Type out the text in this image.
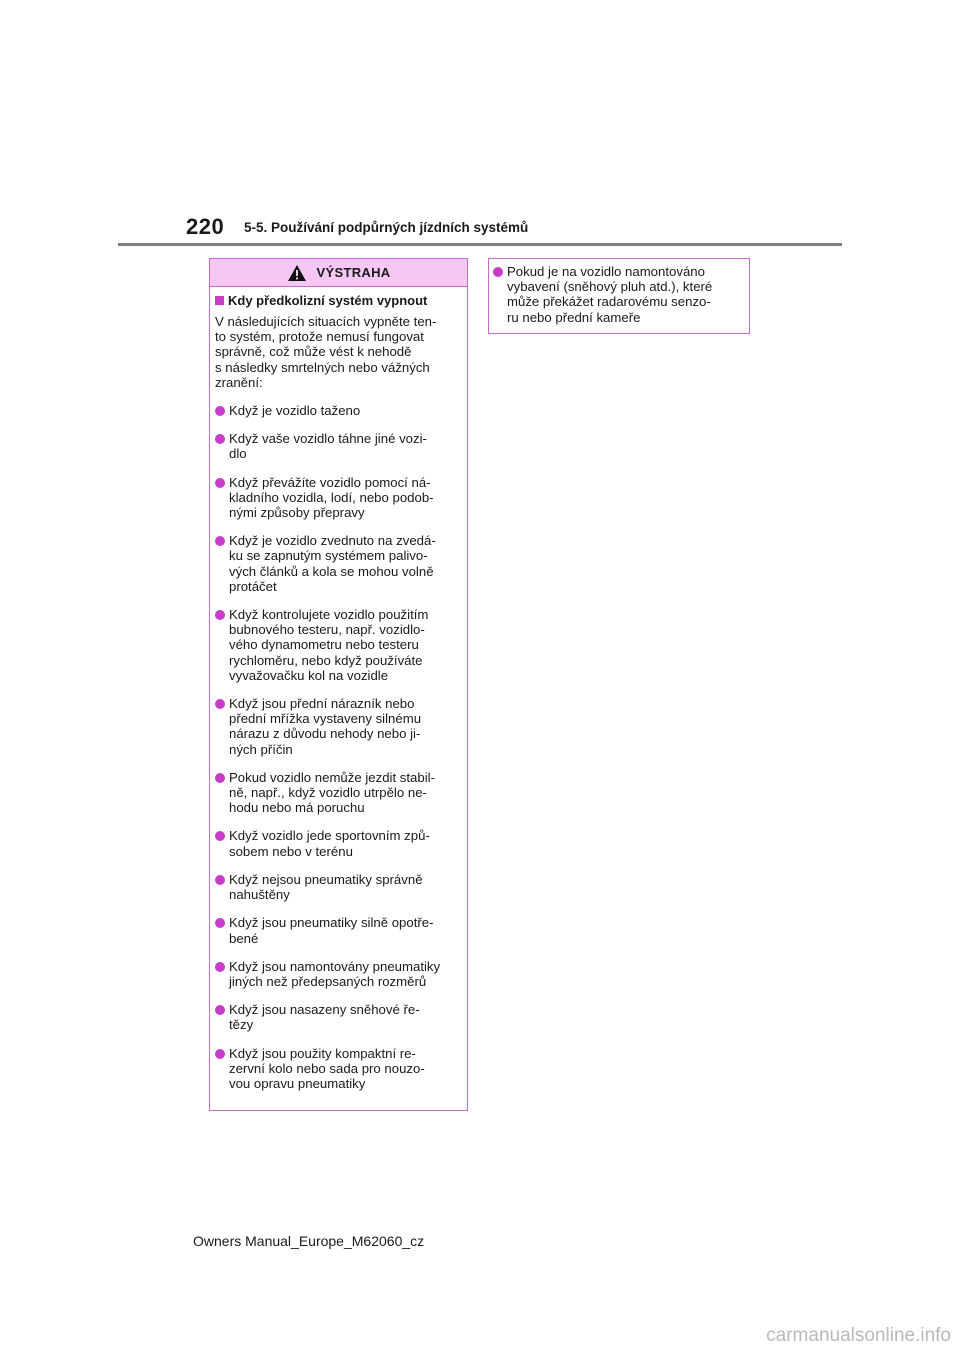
220 5-5. Používání podpůrných jízdních systémů
VÝSTRAHA
Kdy předkolizní systém vypnout

V následujících situacích vypněte ten-
to systém, protože nemusí fungovat
správně, což může vést k nehodě
s následky smrtelných nebo vážných
zranění:

Když je vozidlo taženo
Když vaše vozidlo táhne jiné vozi-
dlo
Když převážíte vozidlo pomocí ná-
kladního vozidla, lodí, nebo podob-
nými způsoby přepravy
Když je vozidlo zvednuto na zvedá-
ku se zapnutým systémem palivo-
vých článků a kola se mohou volně
protáčet
Když kontrolujete vozidlo použitím
bubnového testeru, např. vozidlo-
vého dynamometru nebo testeru
rychloměru, nebo když používáte
vyvažovačku kol na vozidle
Když jsou přední nárazník nebo
přední mřížka vystaveny silnému
nárazu z důvodu nehody nebo ji-
ných příčin
Pokud vozidlo nemůže jezdit stabil-
ně, např., když vozidlo utrpělo ne-
hodu nebo má poruchu
Když vozidlo jede sportovním způ-
sobem nebo v terénu
Když nejsou pneumatiky správně
nahuštěny
Když jsou pneumatiky silně opotře-
bené
Když jsou namontovány pneumatiky
jiných než předepsaných rozměrů
Když jsou nasazeny sněhové ře-
tězy
Když jsou použity kompaktní re-
zervní kolo nebo sada pro nouzo-
vou opravu pneumatiky
Pokud je na vozidlo namontováno
vybavení (sněhový pluh atd.), které
může překážet radarovému senzo-
ru nebo přední kameře
Owners Manual_Europe_M62060_cz
carmanualsonline.info
